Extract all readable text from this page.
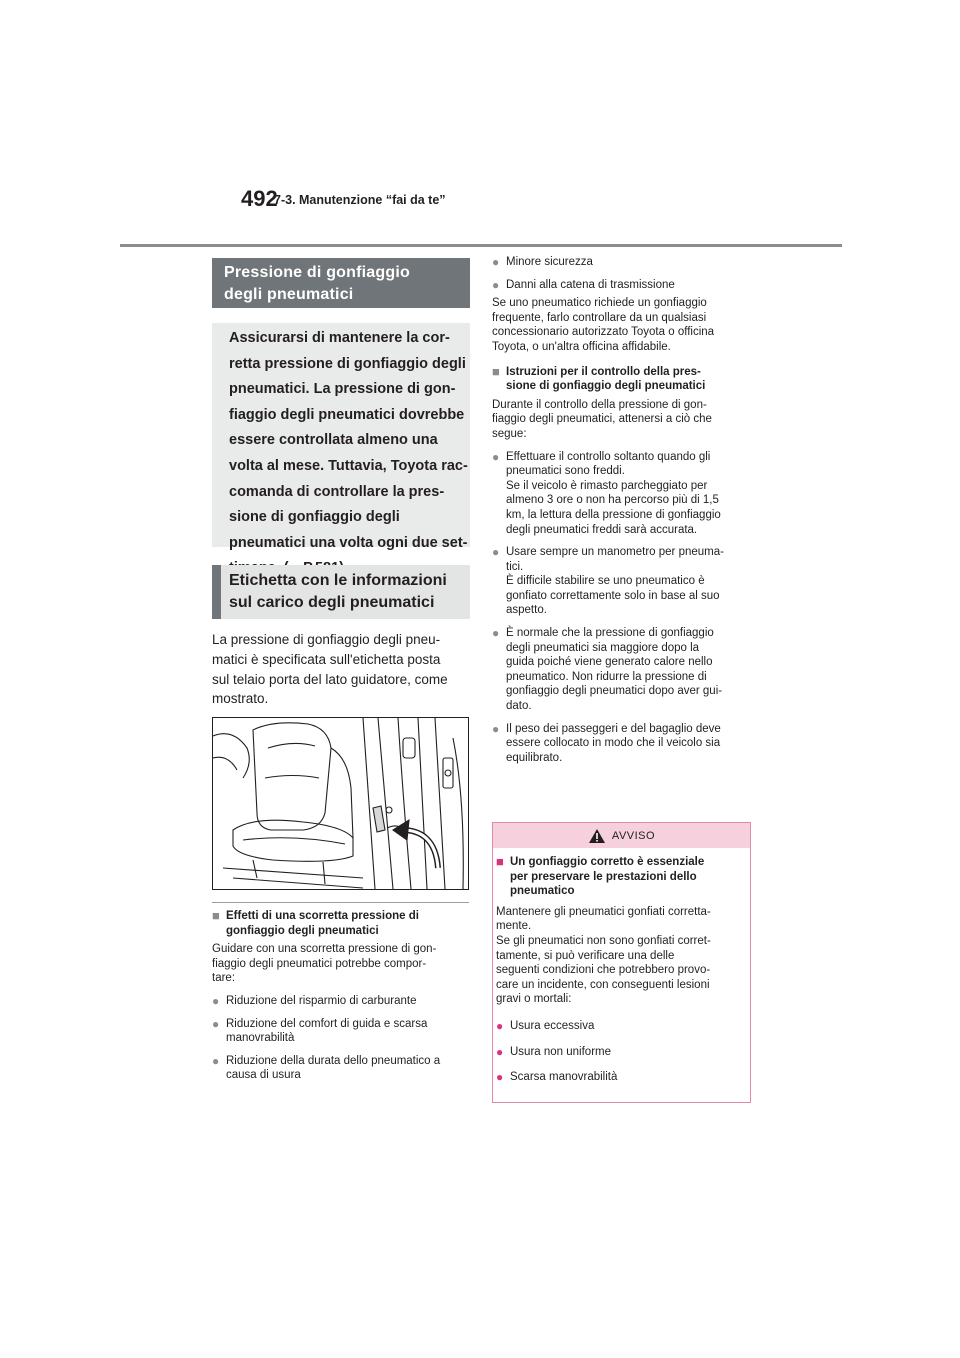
492
7-3. Manutenzione “fai da te”
Pressione di gonfiaggio
degli pneumatici
Assicurarsi di mantenere la cor-
retta pressione di gonfiaggio degli
pneumatici. La pressione di gon-
fiaggio degli pneumatici dovrebbe
essere controllata almeno una
volta al mese. Tuttavia, Toyota rac-
comanda di controllare la pres-
sione di gonfiaggio degli
pneumatici una volta ogni due set-
Etichetta con le informazioni
sul carico degli pneumatici
La pressione di gonfiaggio degli pneu-
matici è specificata sull'etichetta posta
sul telaio porta del lato guidatore, come
mostrato.
■ Effetti di una scorretta pressione di
gonfiaggio degli pneumatici
Guidare con una scorretta pressione di gon-
fiaggio degli pneumatici potrebbe compor-
tare:
● Riduzione del risparmio di carburante
● Riduzione del comfort di guida e scarsa
manovrabilità
● Riduzione della durata dello pneumatico a
causa di usura
● Minore sicurezza
● Danni alla catena di trasmissione
Se uno pneumatico richiede un gonfiaggio
frequente, farlo controllare da un qualsiasi
concessionario autorizzato Toyota o officina
Toyota, o un'altra officina affidabile.
■ Istruzioni per il controllo della pres-
sione di gonfiaggio degli pneumatici
Durante il controllo della pressione di gon-
fiaggio degli pneumatici, attenersi a ciò che
segue:
● Effettuare il controllo soltanto quando gli
pneumatici sono freddi.
Se il veicolo è rimasto parcheggiato per
almeno 3 ore o non ha percorso più di 1,5
km, la lettura della pressione di gonfiaggio
degli pneumatici freddi sarà accurata.
● Usare sempre un manometro per pneuma-
tici.
È difficile stabilire se uno pneumatico è
gonfiato correttamente solo in base al suo
aspetto.
● È normale che la pressione di gonfiaggio
degli pneumatici sia maggiore dopo la
guida poiché viene generato calore nello
pneumatico. Non ridurre la pressione di
gonfiaggio degli pneumatici dopo aver gui-
dato.
● Il peso dei passeggeri e del bagaglio deve
essere collocato in modo che il veicolo sia
equilibrato.
AVVISO
■ Un gonfiaggio corretto è essenziale
per preservare le prestazioni dello
pneumatico
Mantenere gli pneumatici gonfiati corretta-
mente.
Se gli pneumatici non sono gonfiati corret-
tamente, si può verificare una delle
seguenti condizioni che potrebbero provo-
care un incidente, con conseguenti lesioni
gravi o mortali:
● Usura eccessiva
● Usura non uniforme
● Scarsa manovrabilità
